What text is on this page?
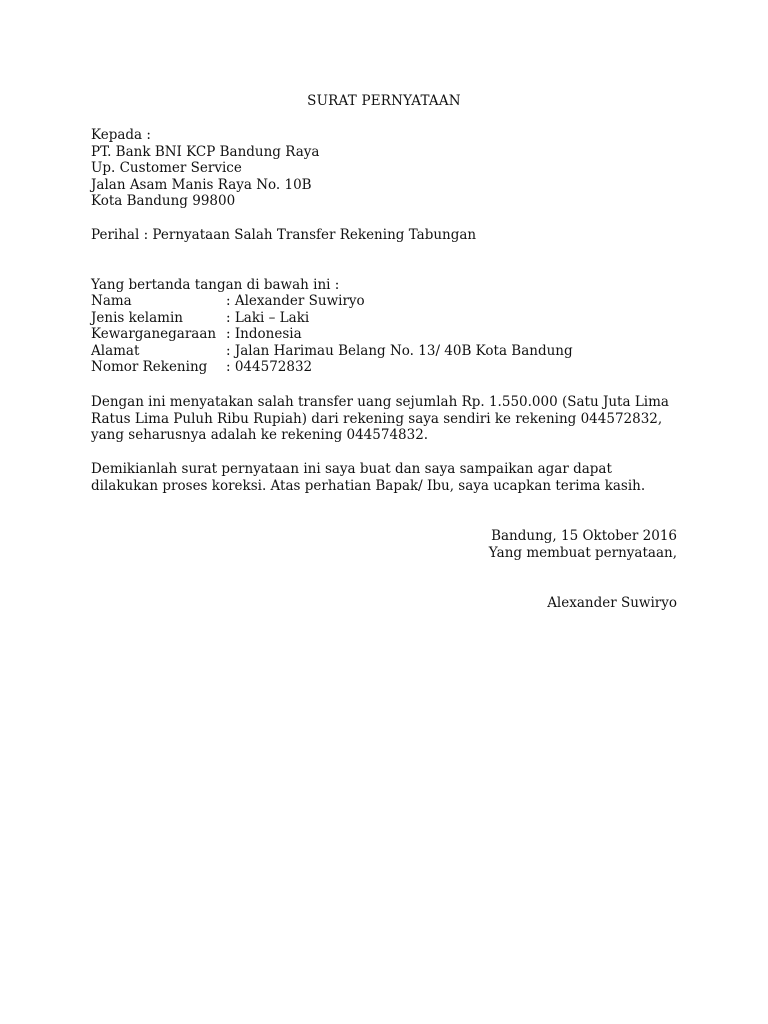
SURAT PERNYATAAN
Kepada :
PT. Bank BNI KCP Bandung Raya
Up. Customer Service
Jalan Asam Manis Raya No. 10B
Kota Bandung 99800
Perihal : Pernyataan Salah Transfer Rekening Tabungan
Yang bertanda tangan di bawah ini :
Nama	: Alexander Suwiryo
Jenis kelamin	: Laki – Laki
Kewarganegaraan : Indonesia
Alamat	: Jalan Harimau Belang No. 13/ 40B Kota Bandung
Nomor Rekening	: 044572832
Dengan ini menyatakan salah transfer uang sejumlah Rp. 1.550.000 (Satu Juta Lima Ratus Lima Puluh Ribu Rupiah) dari rekening saya sendiri ke rekening 044572832, yang seharusnya adalah ke rekening 044574832.
Demikianlah surat pernyataan ini saya buat dan saya sampaikan agar dapat dilakukan proses koreksi. Atas perhatian Bapak/ Ibu, saya ucapkan terima kasih.
Bandung, 15 Oktober 2016
Yang membuat pernyataan,
Alexander Suwiryo
